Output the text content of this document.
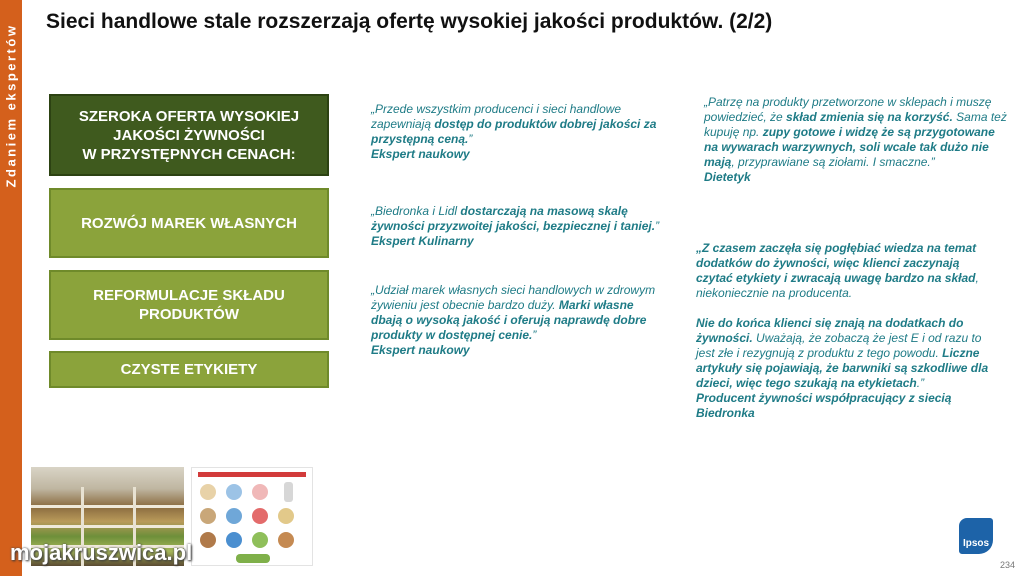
Zdaniem ekspertów
Sieci handlowe stale rozszerzają ofertę wysokiej jakości produktów. (2/2)
SZEROKA OFERTA WYSOKIEJ
JAKOŚCI ŻYWNOŚCI
W PRZYSTĘPNYCH CENACH:
ROZWÓJ MAREK WŁASNYCH
REFORMULACJE SKŁADU
PRODUKTÓW
CZYSTE ETYKIETY
„Przede wszystkim producenci i sieci handlowe zapewniają dostęp do produktów dobrej jakości za przystępną ceną.”
Ekspert naukowy
„Biedronka i Lidl dostarczają na masową skalę żywności przyzwoitej jakości, bezpiecznej i taniej.”
Ekspert Kulinarny
„Udział marek własnych sieci handlowych w zdrowym żywieniu jest obecnie bardzo duży. Marki własne dbają o wysoką jakość i oferują naprawdę dobre produkty w dostępnej cenie.”
Ekspert naukowy
„Patrzę na produkty przetworzone w sklepach i muszę powiedzieć, że skład zmienia się na korzyść. Sama też kupuję np. zupy gotowe i widzę że są przygotowane na wywarach warzywnych, soli wcale tak dużo nie mają, przyprawiane są ziołami. I smaczne.”
Dietetyk
„Z czasem zaczęła się pogłębiać wiedza na temat dodatków do żywności, więc klienci zaczynają czytać etykiety i zwracają uwagę bardzo na skład, niekoniecznie na producenta.
Nie do końca klienci się znają na dodatkach do żywności. Uważają, że zobaczą że jest E i od razu to jest złe i rezygnują z produktu z tego powodu. Liczne artykuły się pojawiają, że barwniki są szkodliwe dla dzieci, więc tego szukają na etykietach.”
Producent żywności współpracujący z siecią
Biedronka
mojakruszwica.pl	Ipsos
234
